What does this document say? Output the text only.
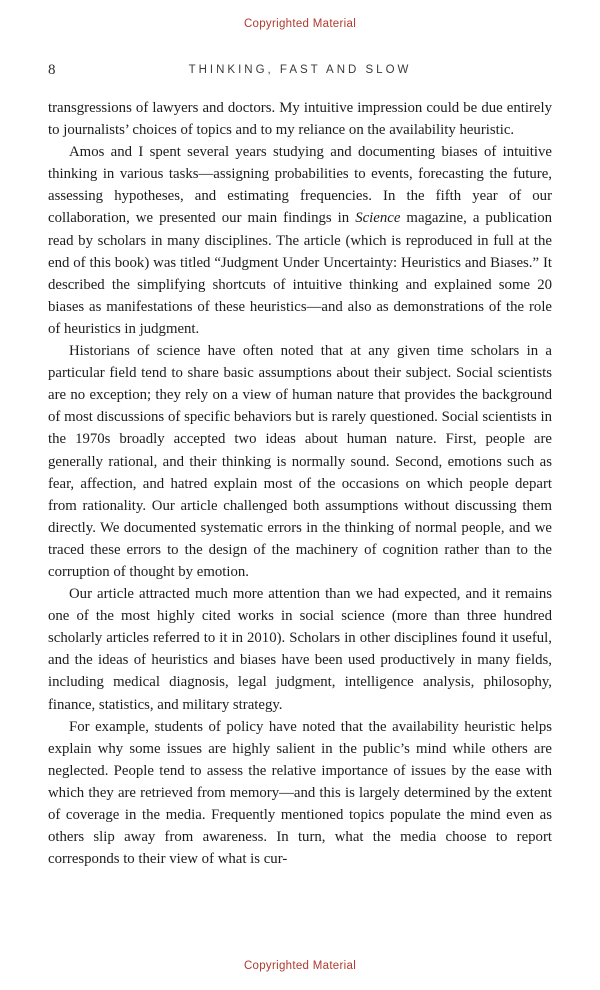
Copyrighted Material
8	THINKING, FAST AND SLOW

transgressions of lawyers and doctors. My intuitive impression could be due entirely to journalists’ choices of topics and to my reliance on the availability heuristic.

Amos and I spent several years studying and documenting biases of intuitive thinking in various tasks—assigning probabilities to events, forecasting the future, assessing hypotheses, and estimating frequencies. In the fifth year of our collaboration, we presented our main findings in Science magazine, a publication read by scholars in many disciplines. The article (which is reproduced in full at the end of this book) was titled “Judgment Under Uncertainty: Heuristics and Biases.” It described the simplifying shortcuts of intuitive thinking and explained some 20 biases as manifestations of these heuristics—and also as demonstrations of the role of heuristics in judgment.

Historians of science have often noted that at any given time scholars in a particular field tend to share basic assumptions about their subject. Social scientists are no exception; they rely on a view of human nature that provides the background of most discussions of specific behaviors but is rarely questioned. Social scientists in the 1970s broadly accepted two ideas about human nature. First, people are generally rational, and their thinking is normally sound. Second, emotions such as fear, affection, and hatred explain most of the occasions on which people depart from rationality. Our article challenged both assumptions without discussing them directly. We documented systematic errors in the thinking of normal people, and we traced these errors to the design of the machinery of cognition rather than to the corruption of thought by emotion.

Our article attracted much more attention than we had expected, and it remains one of the most highly cited works in social science (more than three hundred scholarly articles referred to it in 2010). Scholars in other disciplines found it useful, and the ideas of heuristics and biases have been used productively in many fields, including medical diagnosis, legal judgment, intelligence analysis, philosophy, finance, statistics, and military strategy.

For example, students of policy have noted that the availability heuristic helps explain why some issues are highly salient in the public’s mind while others are neglected. People tend to assess the relative importance of issues by the ease with which they are retrieved from memory—and this is largely determined by the extent of coverage in the media. Frequently mentioned topics populate the mind even as others slip away from awareness. In turn, what the media choose to report corresponds to their view of what is cur-

Copyrighted Material
